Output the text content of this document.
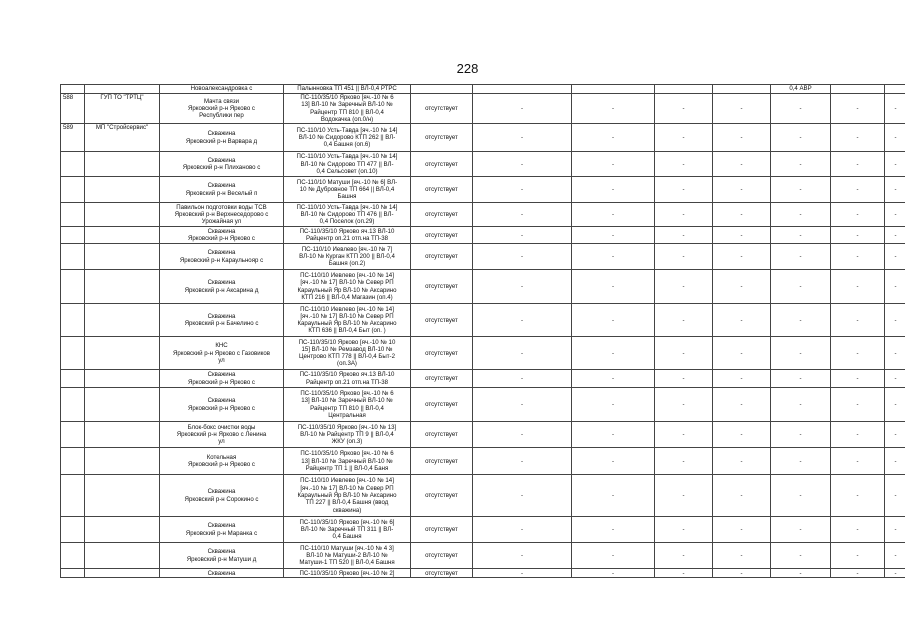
228
		Новоалександровка с	Палынновка ТП 451 || ВЛ-0,4 РТРС						0,4 АВР		
588	ГУП ТО "ТРТЦ"	Мачта связи
Ярковский р-н Ярково с
Республики пер	ПС-110/35/10 Ярково [яч.-10 № 6
13] ВЛ-10 № Заречный ВЛ-10 №
Райцентр ТП 810 || ВЛ-0,4
Водокачка (оп.0/н)	отсутствует	-	-	-	-	-	-	-
589	МП "Стройсервис"	Скважина
Ярковский р-н Варвара д	ПС-110/10 Усть-Тавда [яч.-10 № 14]
ВЛ-10 № Сидорово КТП 262 || ВЛ-
0,4 Башня (оп.6)	отсутствует	-	-	-	-	-	-	-
		Скважина
Ярковский р-н Плиханово с	ПС-110/10 Усть-Тавда [яч.-10 № 14]
ВЛ-10 № Сидорово ТП 477 || ВЛ-
0,4 Сельсовет (оп.10)	отсутствует	-	-	-	-	-	-	-
		Скважина
Ярковский р-н Веселый п	ПС-110/10 Матуши [яч.-10 № 6] ВЛ-
10 № Дубровное ТП 664 || ВЛ-0,4
Башня	отсутствует	-	-	-	-	-	-	-
		Павильон подготовки воды ТСВ
Ярковский р-н Верхнеседорово с
Урожайная ул	ПС-110/10 Усть-Тавда [яч.-10 № 14]
ВЛ-10 № Сидорово ТП 476 || ВЛ-
0,4 Поселок (оп.29)	отсутствует	-	-	-	-	-	-	-
		Скважина
Ярковский р-н Ярково с	ПС-110/35/10 Ярково яч.13 ВЛ-10
Райцентр оп.21 отп.на ТП-38	отсутствует	-	-	-	-	-	-	-
		Скважина
Ярковский р-н Караульнояр с	ПС-110/10 Иевлево [яч.-10 № 7]
ВЛ-10 № Курган КТП 200 || ВЛ-0,4
Башня (оп.2)	отсутствует	-	-	-	-	-	-	-
		Скважина
Ярковский р-н Аксарина д	ПС-110/10 Иевлево [яч.-10 № 14]
[яч.-10 № 17] ВЛ-10 № Север РП
Караульный Яр ВЛ-10 № Аксарино
КТП 216 || ВЛ-0,4 Магазин (оп.4)	отсутствует	-	-	-	-	-	-	-
		Скважина
Ярковский р-н Бачелино с	ПС-110/10 Иевлево [яч.-10 № 14]
[яч.-10 № 17] ВЛ-10 № Север РП
Караульный Яр ВЛ-10 № Аксарино
КТП 636 || ВЛ-0,4 Быт (оп. )	отсутствует	-	-	-	-	-	-	-
		КНС
Ярковский р-н Ярково с Газовиков
ул	ПС-110/35/10 Ярково [яч.-10 № 10
15] ВЛ-10 № Ремзавод ВЛ-10 №
Центрово КТП 778 || ВЛ-0,4 Быт-2
(оп.3А)	отсутствует	-	-	-	-	-	-	-
		Скважина
Ярковский р-н Ярково с	ПС-110/35/10 Ярково яч.13 ВЛ-10
Райцентр оп.21 отп.на ТП-38	отсутствует	-	-	-	-	-	-	-
		Скважина
Ярковский р-н Ярково с	ПС-110/35/10 Ярково [яч.-10 № 6
13] ВЛ-10 № Заречный ВЛ-10 №
Райцентр ТП 810 || ВЛ-0,4
Центральная	отсутствует	-	-	-	-	-	-	-
		Блок-бокс очистки воды
Ярковский р-н Ярково с Ленина
ул	ПС-110/35/10 Ярково [яч.-10 № 13]
ВЛ-10 № Райцентр ТП 9 || ВЛ-0,4
ЖКУ (оп.3)	отсутствует	-	-	-	-	-	-	-
		Котельная
Ярковский р-н Ярково с	ПС-110/35/10 Ярково [яч.-10 № 6
13] ВЛ-10 № Заречный ВЛ-10 №
Райцентр ТП 1 || ВЛ-0,4 Баня	отсутствует	-	-	-	-	-	-	-
		Скважина
Ярковский р-н Сорокино с	ПС-110/10 Иевлево [яч.-10 № 14]
[яч.-10 № 17] ВЛ-10 № Север РП
Караульный Яр ВЛ-10 № Аксарино
ТП 227 || ВЛ-0,4 Башня (ввод
скважина)	отсутствует	-	-	-	-	-	-	-
		Скважина
Ярковский р-н Маранка с	ПС-110/35/10 Ярково [яч.-10 № 6]
ВЛ-10 № Заречный ТП 311 || ВЛ-
0,4 Башня	отсутствует	-	-	-	-	-	-	-
		Скважина
Ярковский р-н Матуши д	ПС-110/10 Матуши [яч.-10 № 4 3]
ВЛ-10 № Матуши-2 ВЛ-10 №
Матуши-1 ТП 520 || ВЛ-0,4 Башня	отсутствует	-	-	-	-	-	-	-
		Скважина	ПС-110/35/10 Ярково [яч.-10 № 2]	отсутствует	-	-	-	-	-	-	-
